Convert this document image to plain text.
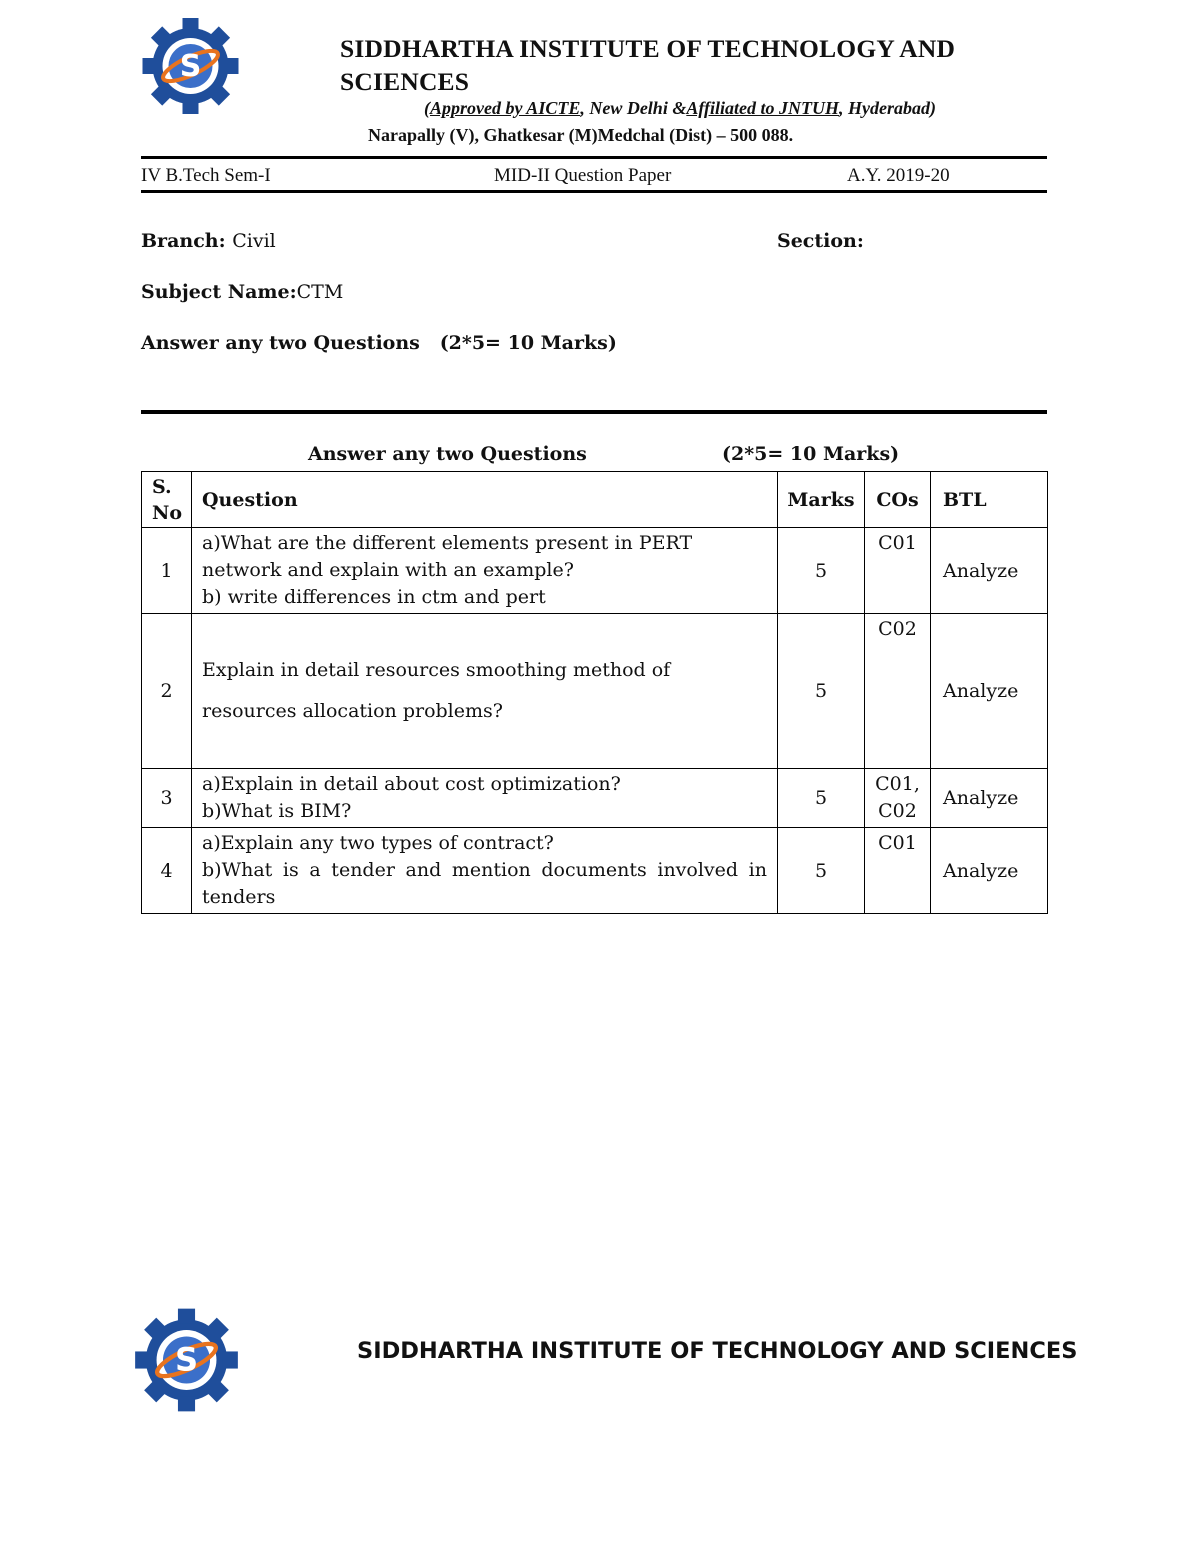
S
SIDDHARTHA INSTITUTE OF TECHNOLOGY AND SCIENCES
(Approved by AICTE, New Delhi &Affiliated to JNTUH, Hyderabad)
Narapally (V), Ghatkesar (M)Medchal (Dist) – 500 088.
IV B.Tech Sem-I	MID-II Question Paper	A.Y. 2019-20
Branch: Civil	Section:
Subject Name:CTM
Answer any two Questions   (2*5= 10 Marks)
Answer any two Questions	(2*5= 10 Marks)
S. No	Question	Marks	COs	BTL
1	a)What are the different elements present in PERT network and explain with an example?
b) write differences in ctm and pert	5	C01	Analyze
2	Explain in detail resources smoothing method of resources allocation problems?	5	C02	Analyze
3	a)Explain in detail about cost optimization?
b)What is BIM?	5	C01, C02	Analyze
4	a)Explain any two types of contract?
b)What is a tender and mention documents involved in tenders	5	C01	Analyze
S	SIDDHARTHA INSTITUTE OF TECHNOLOGY AND SCIENCES
